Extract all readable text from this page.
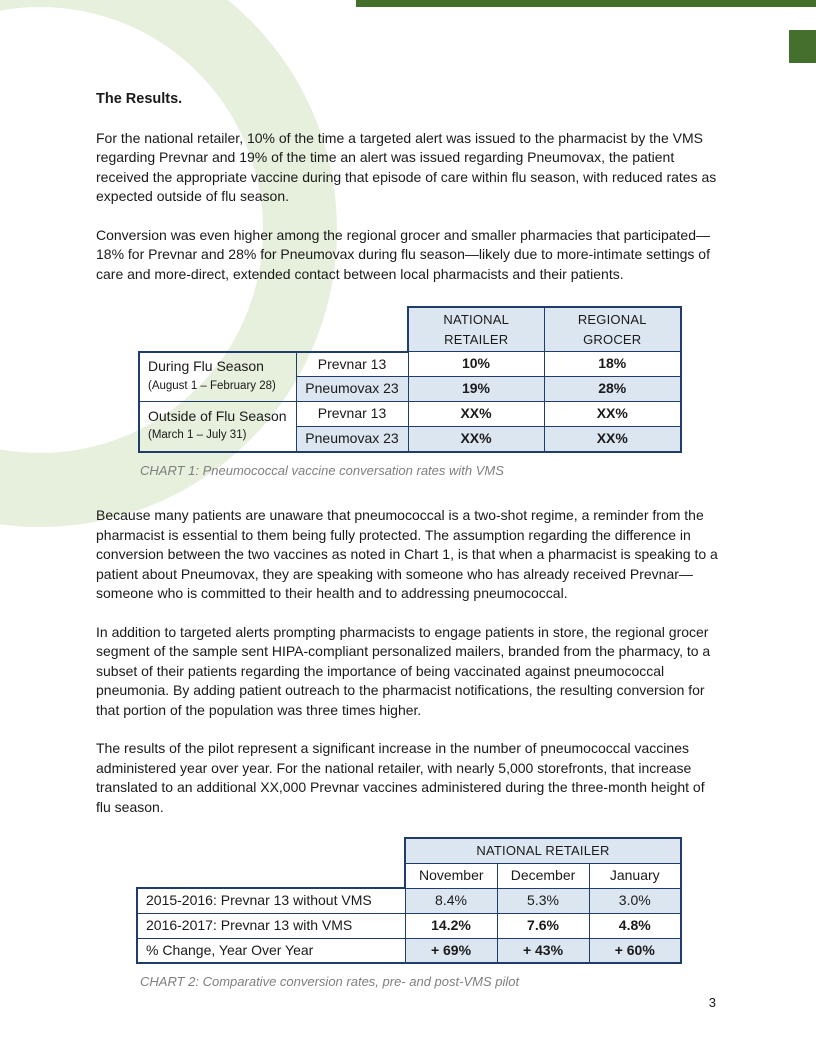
The Results.

For the national retailer, 10% of the time a targeted alert was issued to the pharmacist by the VMS regarding Prevnar and 19% of the time an alert was issued regarding Pneumovax, the patient received the appropriate vaccine during that episode of care within flu season, with reduced rates as expected outside of flu season.

Conversion was even higher among the regional grocer and smaller pharmacies that participated—18% for Prevnar and 28% for Pneumovax during flu season—likely due to more-intimate settings of care and more-direct, extended contact between local pharmacists and their patients.

		NATIONAL RETAILER	REGIONAL GROCER

During Flu Season
(August 1 – February 28)	Prevnar 13	10%	18%
	Pneumovax 23	19%	28%

Outside of Flu Season
(March 1 – July 31)	Prevnar 13	XX%	XX%
	Pneumovax 23	XX%	XX%
CHART 1: Pneumococcal vaccine conversation rates with VMS

Because many patients are unaware that pneumococcal is a two-shot regime, a reminder from the pharmacist is essential to them being fully protected. The assumption regarding the difference in conversion between the two vaccines as noted in Chart 1, is that when a pharmacist is speaking to a patient about Pneumovax, they are speaking with someone who has already received Prevnar—someone who is committed to their health and to addressing pneumococcal.

In addition to targeted alerts prompting pharmacists to engage patients in store, the regional grocer segment of the sample sent HIPA-compliant personalized mailers, branded from the pharmacy, to a subset of their patients regarding the importance of being vaccinated against pneumococcal pneumonia. By adding patient outreach to the pharmacist notifications, the resulting conversion for that portion of the population was three times higher.

The results of the pilot represent a significant increase in the number of pneumococcal vaccines administered year over year. For the national retailer, with nearly 5,000 storefronts, that increase translated to an additional XX,000 Prevnar vaccines administered during the three-month height of flu season.

	NATIONAL RETAILER		
	November	December	January
2015-2016: Prevnar 13 without VMS	8.4%	5.3%	3.0%
2016-2017: Prevnar 13 with VMS	14.2%	7.6%	4.8%
% Change, Year Over Year	+ 69%	+ 43%	+ 60%
CHART 2: Comparative conversion rates, pre- and post-VMS pilot
3
